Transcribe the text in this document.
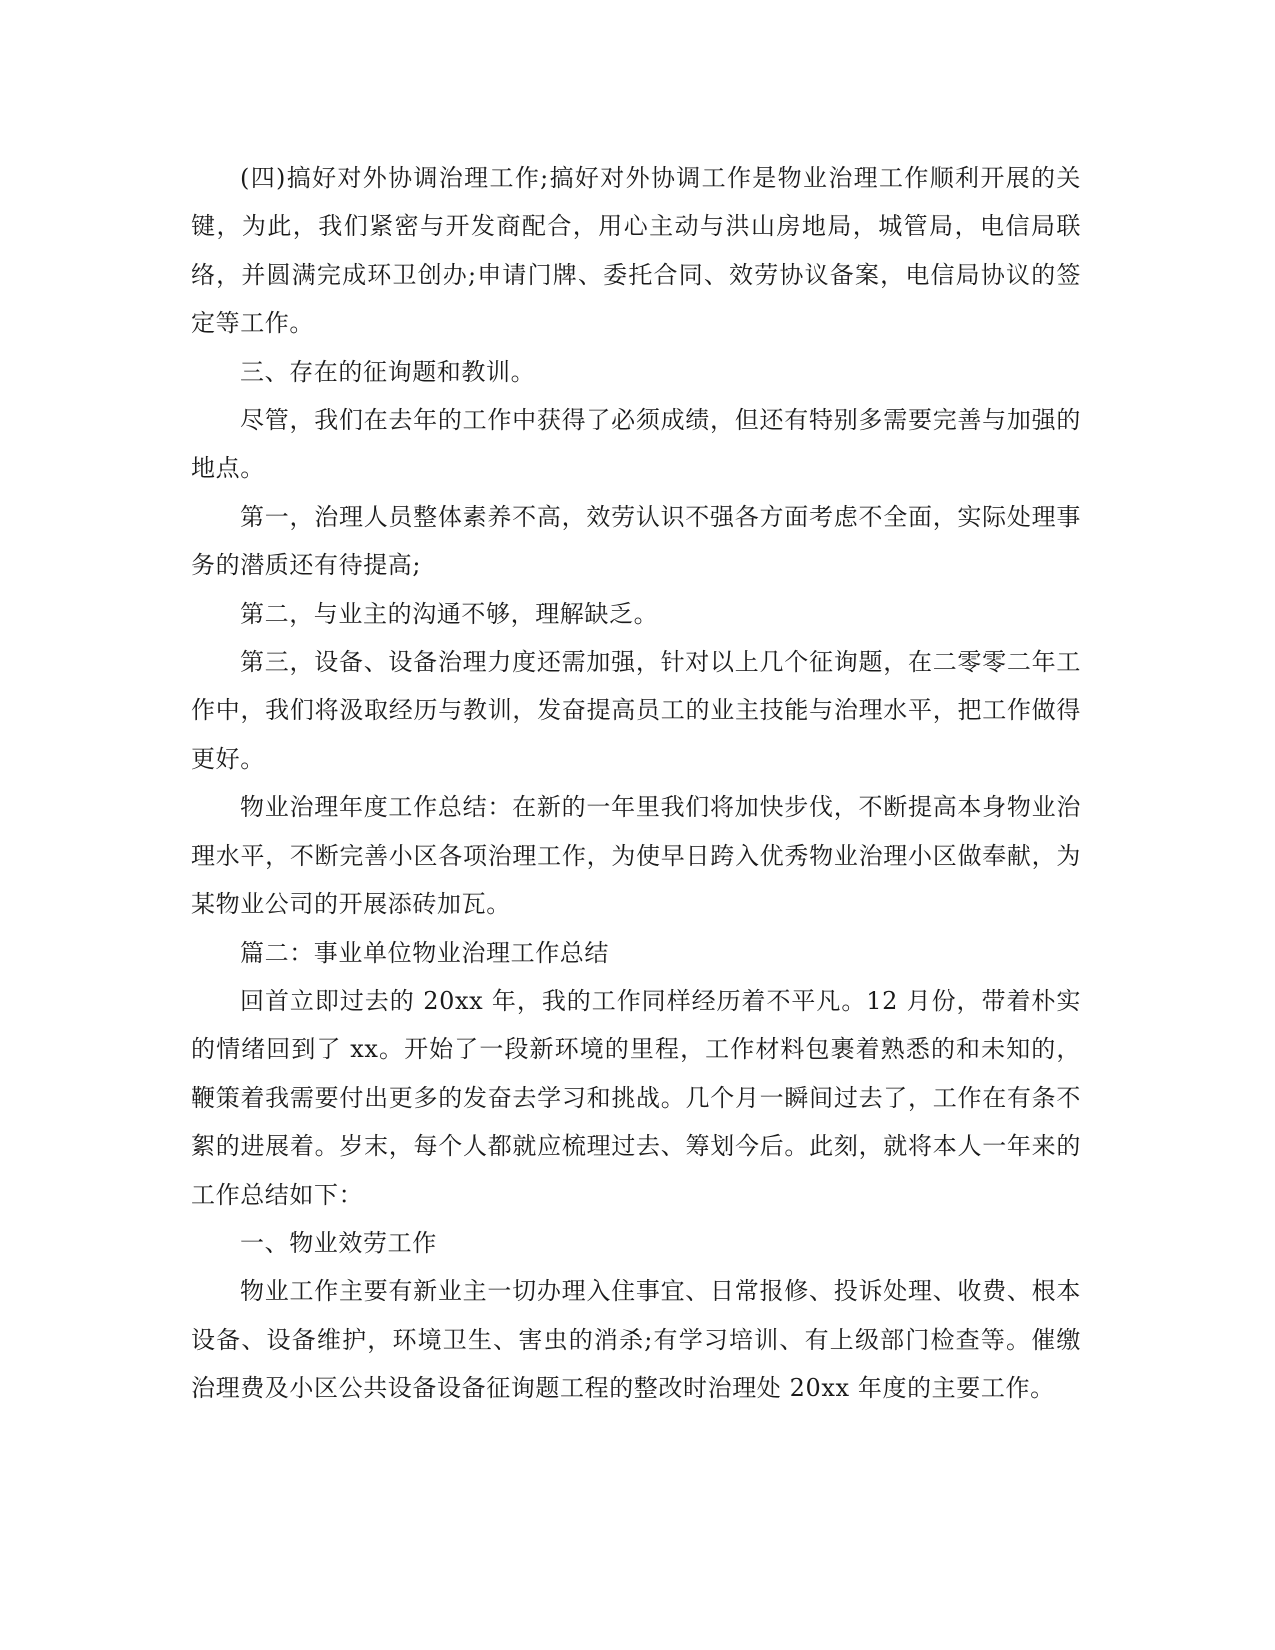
(四)搞好对外协调治理工作;搞好对外协调工作是物业治理工作顺利开展的关键，为此，我们紧密与开发商配合，用心主动与洪山房地局，城管局，电信局联络，并圆满完成环卫创办;申请门牌、委托合同、效劳协议备案，电信局协议的签定等工作。

三、存在的征询题和教训。

尽管，我们在去年的工作中获得了必须成绩，但还有特别多需要完善与加强的地点。

第一，治理人员整体素养不高，效劳认识不强各方面考虑不全面，实际处理事务的潜质还有待提高;

第二，与业主的沟通不够，理解缺乏。

第三，设备、设备治理力度还需加强，针对以上几个征询题，在二零零二年工作中，我们将汲取经历与教训，发奋提高员工的业主技能与治理水平，把工作做得更好。

物业治理年度工作总结：在新的一年里我们将加快步伐，不断提高本身物业治理水平，不断完善小区各项治理工作，为使早日跨入优秀物业治理小区做奉献，为某物业公司的开展添砖加瓦。

篇二：事业单位物业治理工作总结

回首立即过去的 20xx 年，我的工作同样经历着不平凡。12 月份，带着朴实的情绪回到了 xx。开始了一段新环境的里程，工作材料包裹着熟悉的和未知的，鞭策着我需要付出更多的发奋去学习和挑战。几个月一瞬间过去了，工作在有条不絮的进展着。岁末，每个人都就应梳理过去、筹划今后。此刻，就将本人一年来的工作总结如下：

一、物业效劳工作

物业工作主要有新业主一切办理入住事宜、日常报修、投诉处理、收费、根本设备、设备维护，环境卫生、害虫的消杀;有学习培训、有上级部门检查等。催缴治理费及小区公共设备设备征询题工程的整改时治理处 20xx 年度的主要工作。
